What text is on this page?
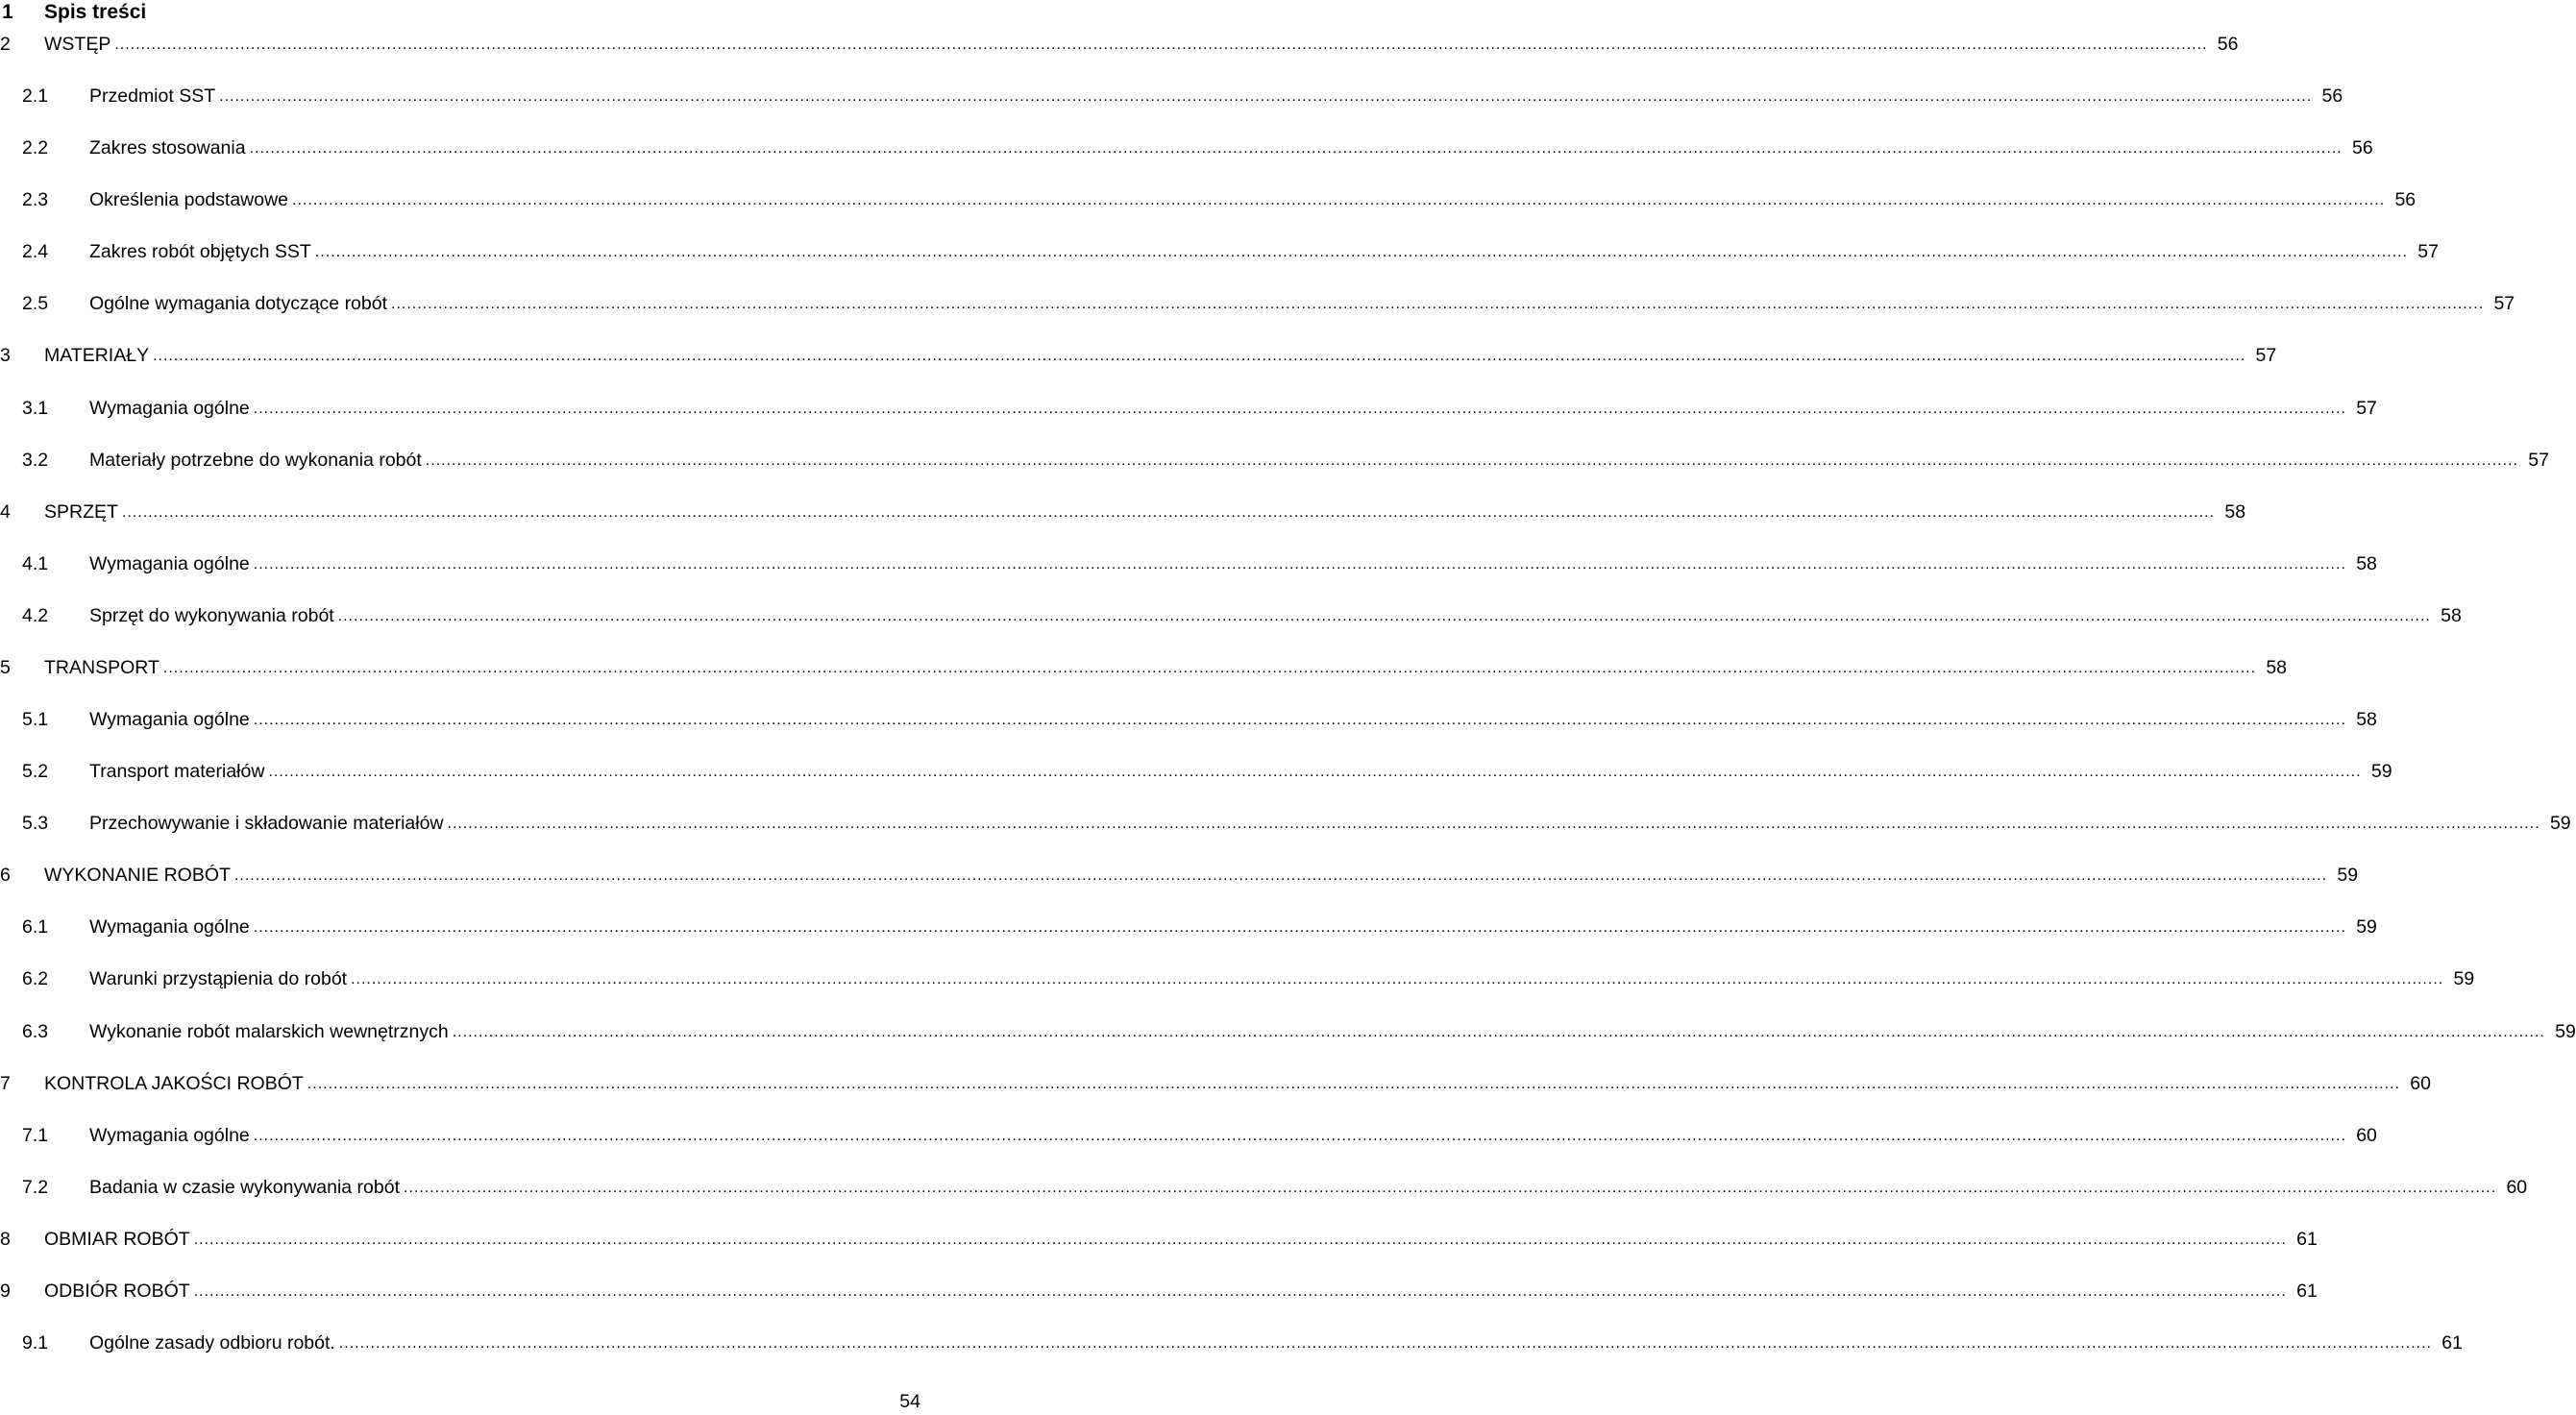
1	Spis treści
2	WSTĘP ................................................................................................................................................................................................................................................................................................................................................................................................................ 56
2.1	Przedmiot SST ................................................................................................................................................................................................................................................................................................................................................................................................................ 56
2.2	Zakres stosowania ................................................................................................................................................................................................................................................................................................................................................................................................................ 56
2.3	Określenia podstawowe ................................................................................................................................................................................................................................................................................................................................................................................................................ 56
2.4	Zakres robót objętych SST ................................................................................................................................................................................................................................................................................................................................................................................................................ 57
2.5	Ogólne wymagania dotyczące robót ................................................................................................................................................................................................................................................................................................................................................................................................................ 57
3	MATERIAŁY ................................................................................................................................................................................................................................................................................................................................................................................................................ 57
3.1	Wymagania ogólne ................................................................................................................................................................................................................................................................................................................................................................................................................ 57
3.2	Materiały potrzebne do wykonania robót ................................................................................................................................................................................................................................................................................................................................................................................................................ 57
4	SPRZĘT ................................................................................................................................................................................................................................................................................................................................................................................................................ 58
4.1	Wymagania ogólne ................................................................................................................................................................................................................................................................................................................................................................................................................ 58
4.2	Sprzęt do wykonywania robót ................................................................................................................................................................................................................................................................................................................................................................................................................ 58
5	TRANSPORT ................................................................................................................................................................................................................................................................................................................................................................................................................ 58
5.1	Wymagania ogólne ................................................................................................................................................................................................................................................................................................................................................................................................................ 58
5.2	Transport materiałów ................................................................................................................................................................................................................................................................................................................................................................................................................ 59
5.3	Przechowywanie i składowanie materiałów ................................................................................................................................................................................................................................................................................................................................................................................................................ 59
6	WYKONANIE ROBÓT ................................................................................................................................................................................................................................................................................................................................................................................................................ 59
6.1	Wymagania ogólne ................................................................................................................................................................................................................................................................................................................................................................................................................ 59
6.2	Warunki przystąpienia do robót ................................................................................................................................................................................................................................................................................................................................................................................................................ 59
6.3	Wykonanie robót malarskich wewnętrznych ................................................................................................................................................................................................................................................................................................................................................................................................................ 59
7	KONTROLA JAKOŚCI ROBÓT ................................................................................................................................................................................................................................................................................................................................................................................................................ 60
7.1	Wymagania ogólne ................................................................................................................................................................................................................................................................................................................................................................................................................ 60
7.2	Badania w czasie wykonywania robót ................................................................................................................................................................................................................................................................................................................................................................................................................ 60
8	OBMIAR ROBÓT ................................................................................................................................................................................................................................................................................................................................................................................................................ 61
9	ODBIÓR ROBÓT ................................................................................................................................................................................................................................................................................................................................................................................................................ 61
9.1	Ogólne zasady odbioru robót. ................................................................................................................................................................................................................................................................................................................................................................................................................ 61
54
